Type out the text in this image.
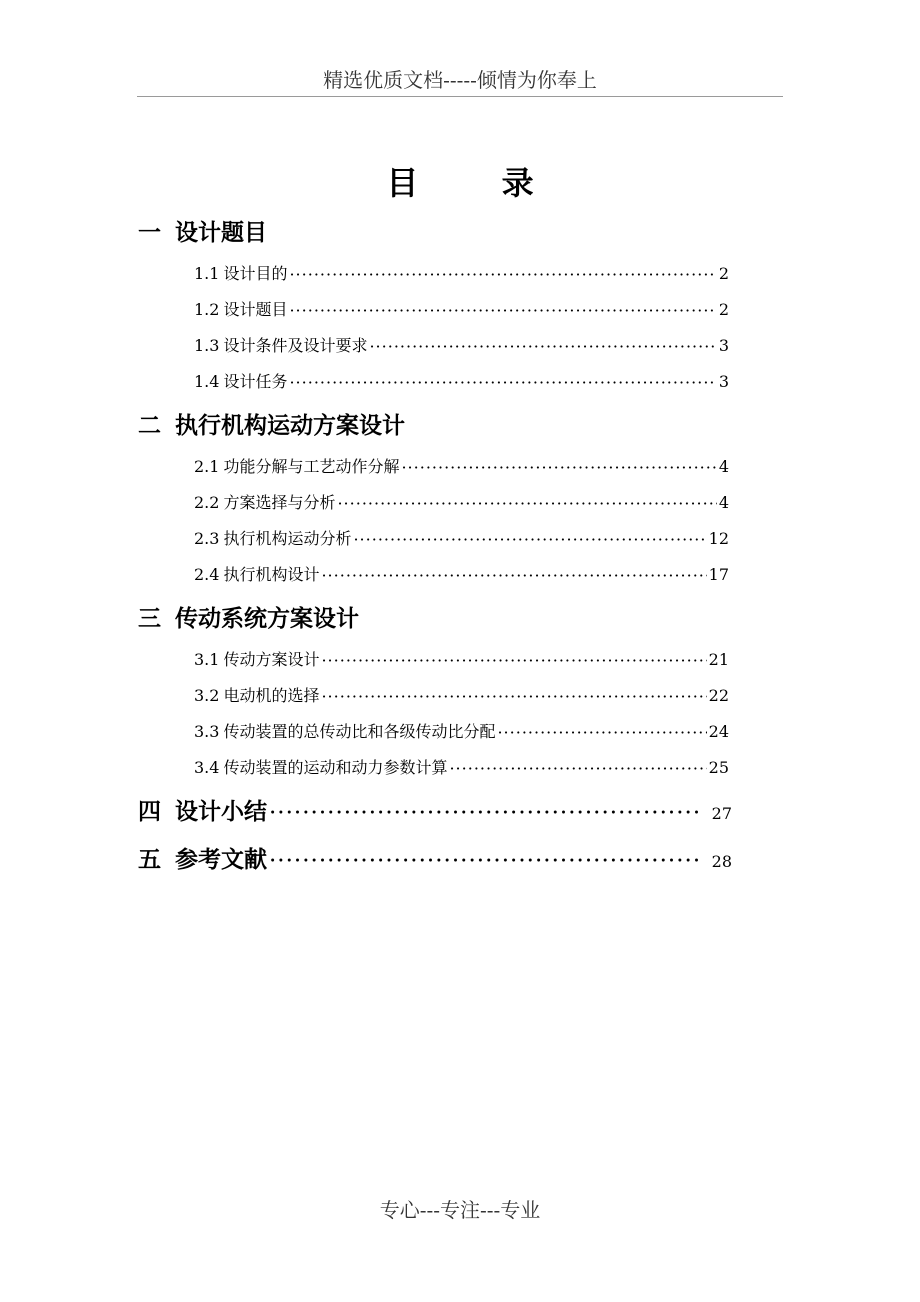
精选优质文档-----倾情为你奉上
目 录
一 设计题目
1.1 设计目的 ·····	2
1.2 设计题目 ·····	2
1.3 设计条件及设计要求 ·····	3
1.4 设计任务 ·····	3
二 执行机构运动方案设计
2.1 功能分解与工艺动作分解 ·····	4
2.2 方案选择与分析 ·····	4
2.3 执行机构运动分析 ·····	12
2.4 执行机构设计 ·····	17
三 传动系统方案设计
3.1 传动方案设计 ·····	21
3.2 电动机的选择 ·····	22
3.3 传动装置的总传动比和各级传动比分配 ·····	24
3.4 传动装置的运动和动力参数计算 ·····	25
四 设计小结 ·····	27
五 参考文献 ·····	28
专心---专注---专业
